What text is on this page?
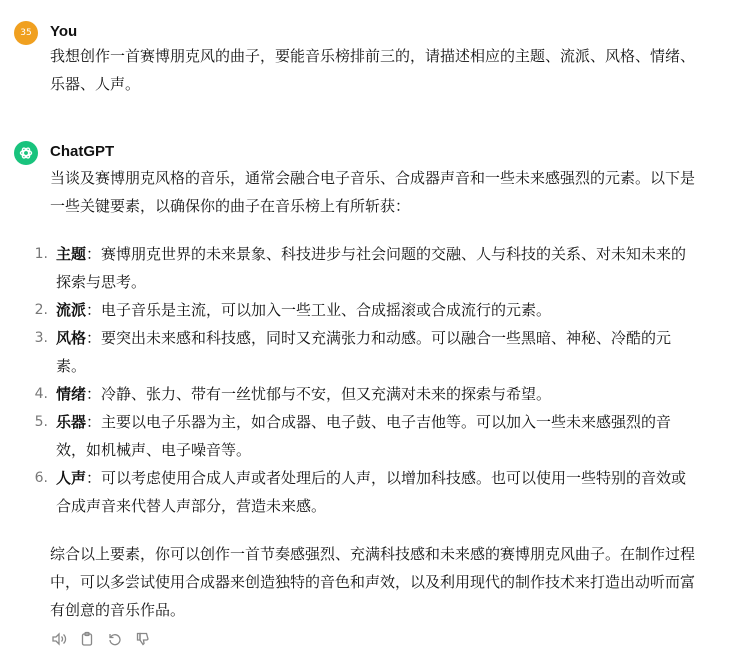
35 You
我想创作一首赛博朋克风的曲子，要能音乐榜排前三的，请描述相应的主题、流派、风格、情绪、
乐器、人声。
ChatGPT
当谈及赛博朋克风格的音乐，通常会融合电子音乐、合成器声音和一些未来感强烈的元素。以下是
一些关键要素，以确保你的曲子在音乐榜上有所斩获：
1. 主题：赛博朋克世界的未来景象、科技进步与社会问题的交融、人与科技的关系、对未知未来的
探索与思考。
2. 流派：电子音乐是主流，可以加入一些工业、合成摇滚或合成流行的元素。
3. 风格：要突出未来感和科技感，同时又充满张力和动感。可以融合一些黑暗、神秘、冷酷的元
素。
4. 情绪：冷静、张力、带有一丝忧郁与不安，但又充满对未来的探索与希望。
5. 乐器：主要以电子乐器为主，如合成器、电子鼓、电子吉他等。可以加入一些未来感强烈的音
效，如机械声、电子噪音等。
6. 人声：可以考虑使用合成人声或者处理后的人声，以增加科技感。也可以使用一些特别的音效或
合成声音来代替人声部分，营造未来感。
综合以上要素，你可以创作一首节奏感强烈、充满科技感和未来感的赛博朋克风曲子。在制作过程
中，可以多尝试使用合成器来创造独特的音色和声效，以及利用现代的制作技术来打造出动听而富
有创意的音乐作品。
